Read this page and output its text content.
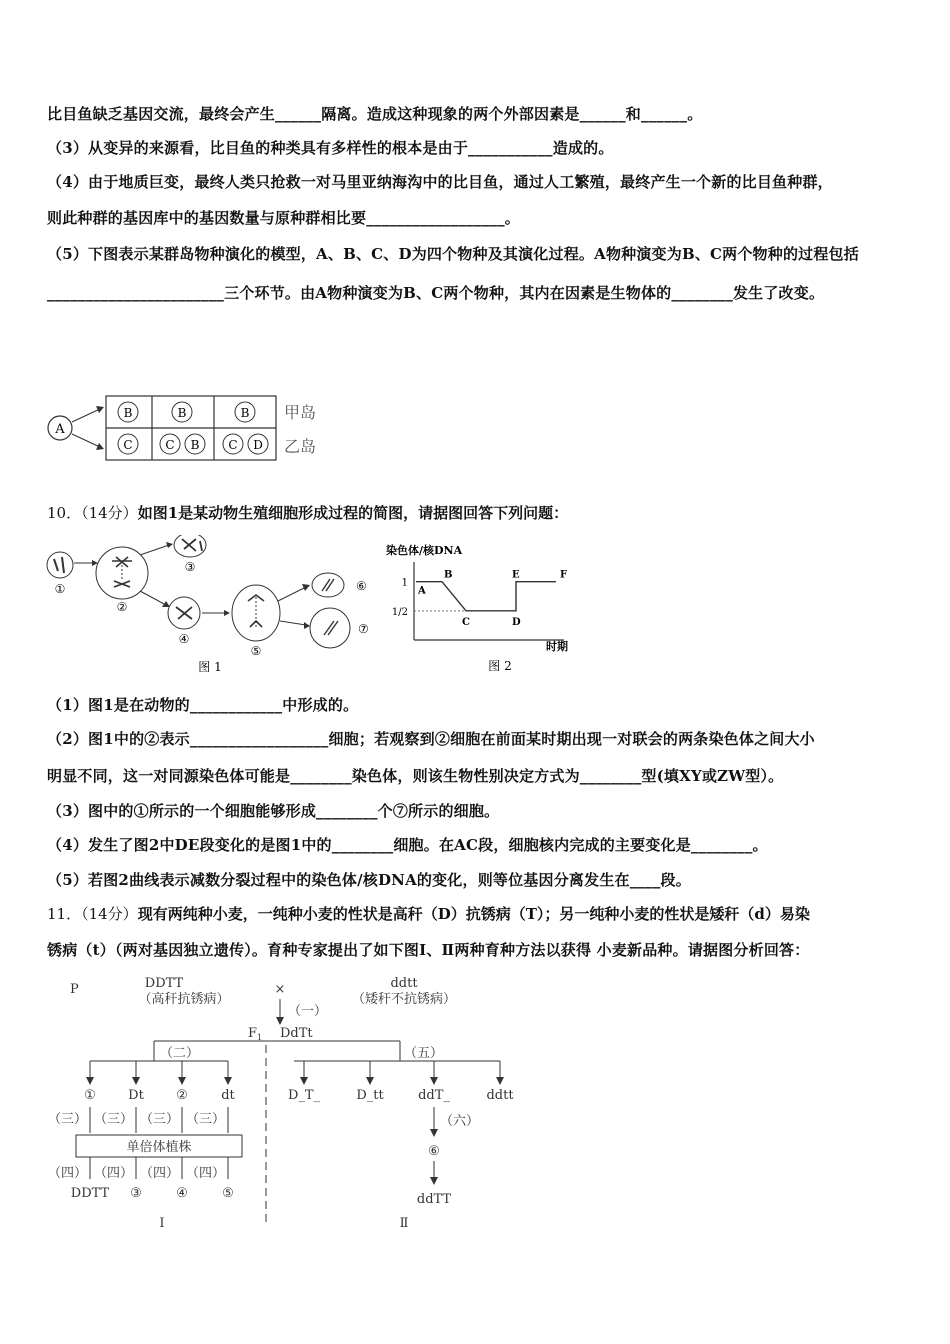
比目鱼缺乏基因交流，最终会产生______隔离。造成这种现象的两个外部因素是______和______。
（3）从变异的来源看，比目鱼的种类具有多样性的根本是由于___________造成的。
（4）由于地质巨变，最终人类只抢救一对马里亚纳海沟中的比目鱼，通过人工繁殖，最终产生一个新的比目鱼种群，
则此种群的基因库中的基因数量与原种群相比要__________________。
（5）下图表示某群岛物种演化的模型，A、B、C、D为四个物种及其演化过程。A物种演变为B、C两个物种的过程包括
_______________________三个环节。由A物种演变为B、C两个物种，其内在因素是生物体的________发生了改变。
A
B	B	B
C	C B C D
甲岛
乙岛
10．（14分）如图1是某动物生殖细胞形成过程的简图，请据图回答下列问题：
①
②
③
④
⑤
⑥
⑦
图 1
染色体/核DNA
1
1/2
时期
A
B
C	D
E	F
图 2
（1）图1是在动物的____________中形成的。
（2）图1中的②表示__________________细胞；若观察到②细胞在前面某时期出现一对联会的两条染色体之间大小
明显不同，这一对同源染色体可能是________染色体，则该生物性别决定方式为________型(填XY或ZW型）。
（3）图中的①所示的一个细胞能够形成________个⑦所示的细胞。
（4）发生了图2中DE段变化的是图1中的________细胞。在AC段，细胞核内完成的主要变化是________。
（5）若图2曲线表示减数分裂过程中的染色体/核DNA的变化，则等位基因分离发生在____段。
11．（14分）现有两纯种小麦，一纯种小麦的性状是高秆（D）抗锈病（T）；另一纯种小麦的性状是矮秆（d）易染
锈病（t）（两对基因独立遗传）。育种专家提出了如下图Ⅰ、Ⅱ两种育种方法以获得 小麦新品种。请据图分析回答：
P	DDTT
（高秆抗锈病）
×	ddtt
（矮秆不抗锈病）
（一）
$F_1$ DdTt
（二）	（五）
① Dt ②	dt
（三） （三） （三） （三）
单倍体植株
（四） （四） （四） （四）
DDTT ③	④	⑤
Ⅰ
D_T_	D_tt	ddT_	ddtt
（六）
⑥
ddTT
Ⅱ
